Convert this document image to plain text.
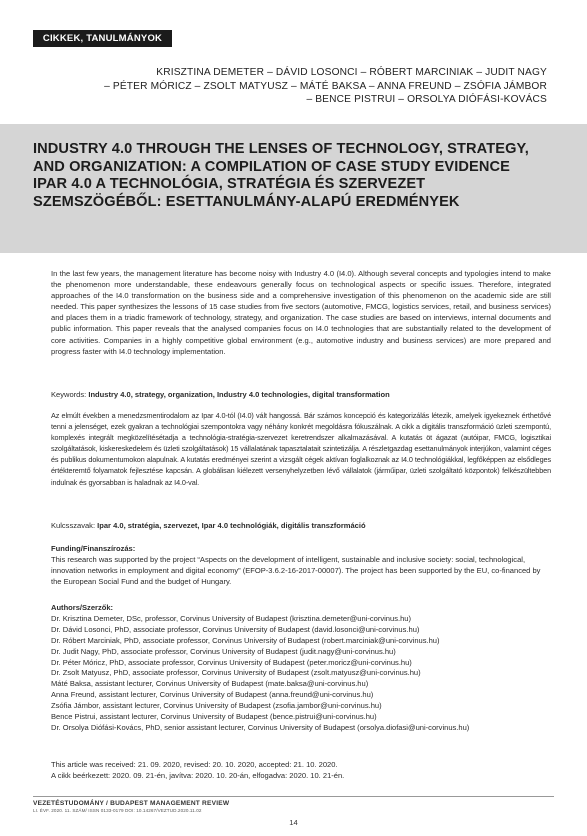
CIKKEK, TANULMÁNYOK
KRISZTINA DEMETER – DÁVID LOSONCI – RÓBERT MARCINIAK – JUDIT NAGY
– PÉTER MÓRICZ – ZSOLT MATYUSZ – MÁTÉ BAKSA – ANNA FREUND – ZSÓFIA JÁMBOR
– BENCE PISTRUI – ORSOLYA DIÓFÁSI-KOVÁCS
INDUSTRY 4.0 THROUGH THE LENSES OF TECHNOLOGY, STRATEGY,
AND ORGANIZATION: A COMPILATION OF CASE STUDY EVIDENCE
IPAR 4.0 A TECHNOLÓGIA, STRATÉGIA ÉS SZERVEZET
SZEMSZÖGÉBŐL: ESETTANULMÁNY-ALAPÚ EREDMÉNYEK
In the last few years, the management literature has become noisy with Industry 4.0 (I4.0). Although several concepts and typologies intend to make the phenomenon more understandable, these endeavours generally focus on technological aspects or specific issues. Therefore, integrated approaches of the I4.0 transformation on the business side and a comprehensive investigation of this phenomenon on the academic side are still needed. This paper synthesizes the lessons of 15 case studies from five sectors (automotive, FMCG, logistics services, retail, and business services) and places them in a triadic framework of technology, strategy, and organization. The case studies are based on interviews, internal documents and public information. This paper reveals that the analysed companies focus on I4.0 technologies that are substantially related to the development of core activities. Companies in a highly competitive global environment (e.g., automotive industry and business services) are more prepared and progress faster with I4.0 technology implementation.
Keywords: Industry 4.0, strategy, organization, Industry 4.0 technologies, digital transformation
Az elmúlt években a menedzsmentirodalom az Ipar 4.0-tól (I4.0) vált hangossá. Bár számos koncepció és kategorizálás létezik, amelyek igyekeznek érthetővé tenni a jelenséget, ezek gyakran a technológiai szempontokra vagy néhány konkrét megoldásra fókuszálnak. A cikk a digitális transzformáció üzleti szempontú, komplexés integrált megközelítésétadja a technológia-stratégia-szervezet keretrendszer alkalmazásával. A kutatás öt ágazat (autóipar, FMCG, logisztikai szolgáltatások, kiskereskedelem és üzleti szolgáltatások) 15 vállalatának tapasztalatait szintetizálja. A részletgazdag esettanulmányok interjúkon, valamint céges és publikus dokumentumokon alapulnak. A kutatás eredményei szerint a vizsgált cégek aktívan foglalkoznak az I4.0 technológiákkal, legfőképpen az elsődleges értékteremtő folyamatok fejlesztése kapcsán. A globálisan kiélezett versenyhelyzetben lévő vállalatok (járműipar, üzleti szolgáltató központok) felkészültebben indulnak és gyorsabban is haladnak az I4.0-val.
Kulcsszavak: Ipar 4.0, stratégia, szervezet, Ipar 4.0 technológiák, digitális transzformáció
Funding/Finanszírozás:
This research was supported by the project “Aspects on the development of intelligent, sustainable and inclusive society: social, technological, innovation networks in employment and digital economy” (EFOP-3.6.2-16-2017-00007). The project has been supported by the EU, co-financed by the European Social Fund and the budget of Hungary.
Authors/Szerzők:
Dr. Krisztina Demeter, DSc, professor, Corvinus University of Budapest (krisztina.demeter@uni-corvinus.hu)
Dr. Dávid Losonci, PhD, associate professor, Corvinus University of Budapest (david.losonci@uni-corvinus.hu)
Dr. Róbert Marciniak, PhD, associate professor, Corvinus University of Budapest (robert.marciniak@uni-corvinus.hu)
Dr. Judit Nagy, PhD, associate professor, Corvinus University of Budapest (judit.nagy@uni-corvinus.hu)
Dr. Péter Móricz, PhD, associate professor, Corvinus University of Budapest (peter.moricz@uni-corvinus.hu)
Dr. Zsolt Matyusz, PhD, associate professor, Corvinus University of Budapest (zsolt.matyusz@uni-corvinus.hu)
Máté Baksa, assistant lecturer, Corvinus University of Budapest (mate.baksa@uni-corvinus.hu)
Anna Freund, assistant lecturer, Corvinus University of Budapest (anna.freund@uni-corvinus.hu)
Zsófia Jámbor, assistant lecturer, Corvinus University of Budapest (zsofia.jambor@uni-corvinus.hu)
Bence Pistrui, assistant lecturer, Corvinus University of Budapest (bence.pistrui@uni-corvinus.hu)
Dr. Orsolya Diófási-Kovács, PhD, senior assistant lecturer, Corvinus University of Budapest (orsolya.diofasi@uni-corvinus.hu)
This article was received: 21. 09. 2020, revised: 20. 10. 2020, accepted: 21. 10. 2020.
A cikk beérkezett: 2020. 09. 21-én, javítva: 2020. 10. 20-án, elfogadva: 2020. 10. 21-én.
VEZETÉSTUDOMÁNY / BUDAPEST MANAGEMENT REVIEW
LI. ÉVF. 2020. 11. SZÁM/ ISSN 0133-0179 DOI: 10.14267/VEZTUD.2020.11.02
14
